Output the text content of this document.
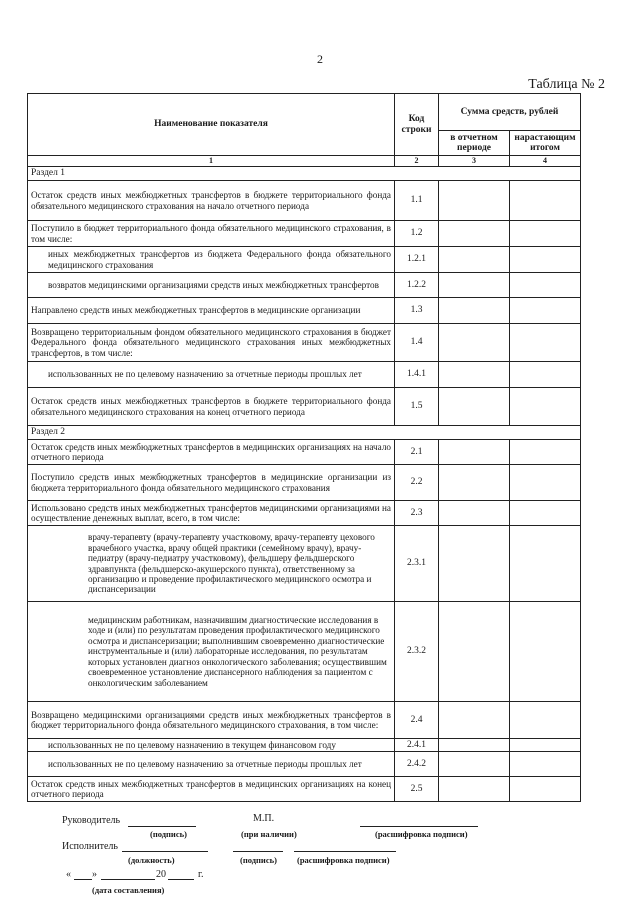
2
Таблица № 2
Наименование показателя	Код строки	Сумма средств, рублей	
		в отчетном периоде	нарастающим итогом
1	2	3	4
Раздел 1			
Остаток средств иных межбюджетных трансфертов в бюджете территориального фонда обязательного медицинского страхования на начало отчетного периода	1.1		
Поступило в бюджет территориального фонда обязательного медицинского страхования, в том числе:	1.2		
иных межбюджетных трансфертов из бюджета Федерального фонда обязательного медицинского страхования	1.2.1		
возвратов медицинскими организациями средств иных межбюджетных трансфертов	1.2.2		
Направлено средств иных межбюджетных трансфертов в медицинские организации	1.3		
Возвращено территориальным фондом обязательного медицинского страхования в бюджет Федерального фонда обязательного медицинского страхования иных межбюджетных трансфертов, в том числе:	1.4		
использованных не по целевому назначению за отчетные периоды прошлых лет	1.4.1		
Остаток средств иных межбюджетных трансфертов в бюджете территориального фонда обязательного медицинского страхования на конец отчетного периода	1.5		
Раздел 2			
Остаток средств иных межбюджетных трансфертов в медицинских организациях на начало отчетного периода	2.1		
Поступило средств иных межбюджетных трансфертов в медицинские организации из бюджета территориального фонда обязательного медицинского страхования	2.2		
Использовано средств иных межбюджетных трансфертов медицинскими организациями на осуществление денежных выплат, всего, в том числе:	2.3		
врачу-терапевту (врачу-терапевту участковому, врачу-терапевту цехового врачебного участка, врачу общей практики (семейному врачу), врачу-педиатру (врачу-педиатру участковому), фельдшеру фельдшерского здравпункта (фельдшерско-акушерского пункта), ответственному за организацию и проведение профилактического медицинского осмотра и диспансеризации	2.3.1		
медицинским работникам, назначившим диагностические исследования в ходе и (или) по результатам проведения профилактического медицинского осмотра и диспансеризации; выполнившим своевременно диагностические инструментальные и (или) лабораторные исследования, по результатам которых установлен диагноз онкологического заболевания; осуществившим своевременное установление диспансерного наблюдения за пациентом с онкологическим заболеванием	2.3.2		
Возвращено медицинскими организациями средств иных межбюджетных трансфертов в бюджет территориального фонда обязательного медицинского страхования, в том числе:	2.4		
использованных не по целевому назначению в текущем финансовом году	2.4.1		
использованных не по целевому назначению за отчетные периоды прошлых лет	2.4.2		
Остаток средств иных межбюджетных трансфертов в медицинских организациях на конец отчетного периода	2.5		
Руководитель
(подпись)
М.П.
(при наличии)	(расшифровка подписи)
Исполнитель
(должность)	(подпись) (расшифровка подписи)
« »	20	г.
(дата составления)
